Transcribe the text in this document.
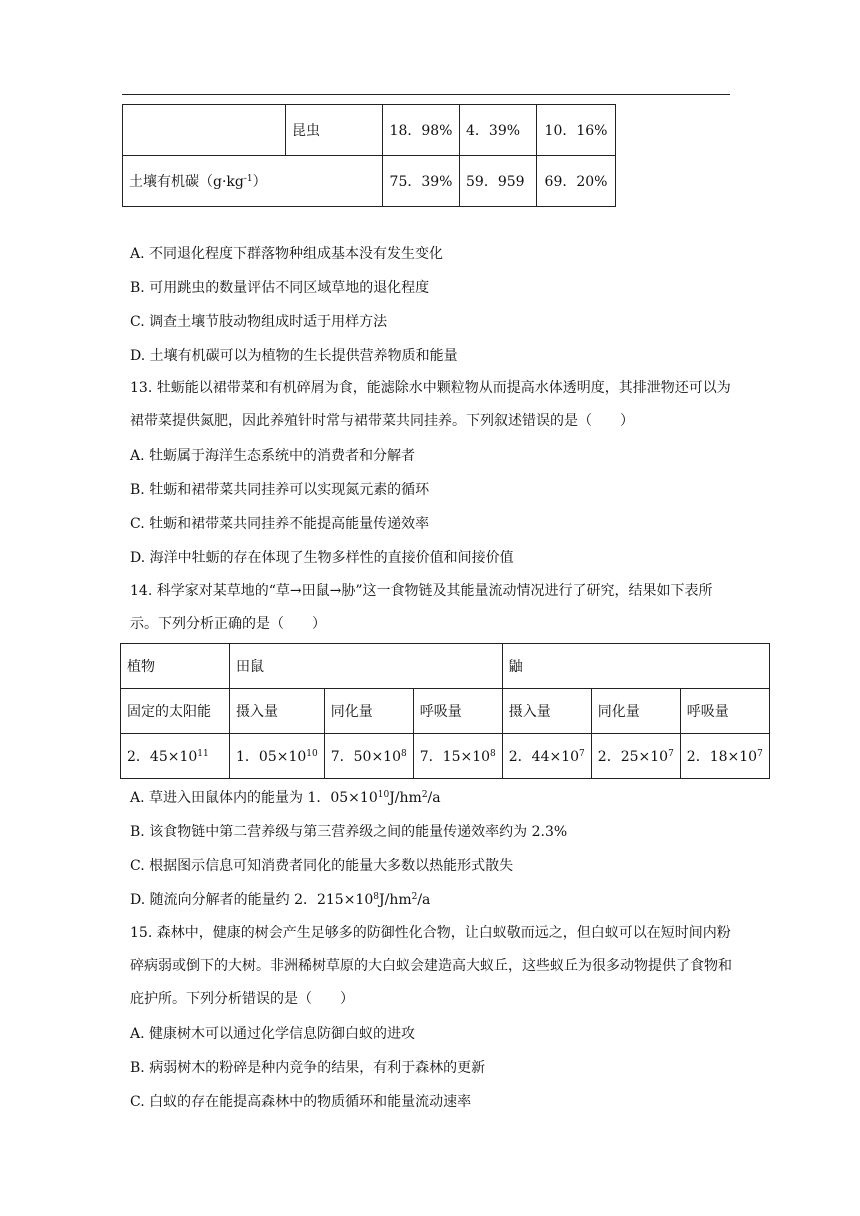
	昆虫	18．98%	4．39%	10．16%
土壤有机碳$(g\cdot kg^{-1})$		75．39%	59．959	69．20%
A. 不同退化程度下群落物种组成基本没有发生变化
B. 可用跳虫的数量评估不同区域草地的退化程度
C. 调查土壤节肢动物组成时适于用样方法
D. 土壤有机碳可以为植物的生长提供营养物质和能量
13. 牡蛎能以裙带菜和有机碎屑为食，能滤除水中颗粒物从而提高水体透明度，其排泄物还可以为裙带菜提供氮肥，因此养殖针时常与裙带菜共同挂养。下列叙述错误的是（　　）
A. 牡蛎属于海洋生态系统中的消费者和分解者
B. 牡蛎和裙带菜共同挂养可以实现氮元素的循环
C. 牡蛎和裙带菜共同挂养不能提高能量传递效率
D. 海洋中牡蛎的存在体现了生物多样性的直接价值和间接价值
14. 科学家对某草地的“草→田鼠→胁”这一食物链及其能量流动情况进行了研究，结果如下表所示。下列分析正确的是（　　）
植物	田鼠			鼬		
固定的太阳能	摄入量	同化量	呼吸量	摄入量	同化量	呼吸量
2．$45\times 10^{11}$	1．$05\times 10^{10}$	7．$50\times 10^8$	7．$15\times 10^8$	2．$44\times 10^7$	2．$25\times 10^7$	2．$18\times 10^7$
A. 草进入田鼠体内的能量为 1．$05\times 10^{10}J/hm^2/a$
B. 该食物链中第二营养级与第三营养级之间的能量传递效率约为 2.3%
C. 根据图示信息可知消费者同化的能量大多数以热能形式散失
D. 随流向分解者的能量约 2．$215\times 10^8J/hm^2/a$
15. 森林中，健康的树会产生足够多的防御性化合物，让白蚁敬而远之，但白蚁可以在短时间内粉碎病弱或倒下的大树。非洲稀树草原的大白蚁会建造高大蚁丘，这些蚁丘为很多动物提供了食物和庇护所。下列分析错误的是（　　）
A. 健康树木可以通过化学信息防御白蚁的进攻
B. 病弱树木的粉碎是种内竞争的结果，有利于森林的更新
C. 白蚁的存在能提高森林中的物质循环和能量流动速率
